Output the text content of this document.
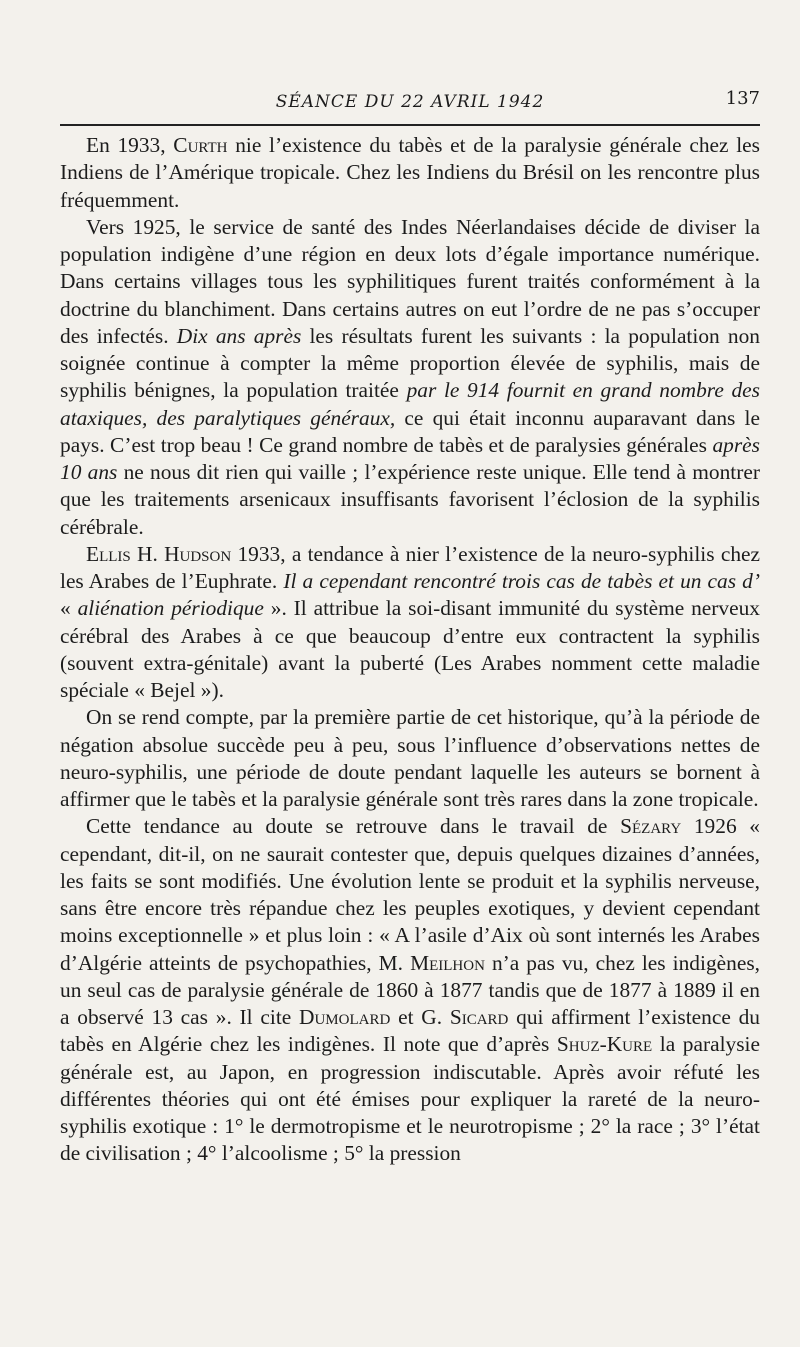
SÉANCE DU 22 AVRIL 1942	137

En 1933, Curth nie l’existence du tabès et de la paralysie générale chez les Indiens de l’Amérique tropicale. Chez les Indiens du Brésil on les rencontre plus fréquemment.

Vers 1925, le service de santé des Indes Néerlandaises décide de diviser la population indigène d’une région en deux lots d’égale importance numérique. Dans certains villages tous les syphilitiques furent traités conformément à la doctrine du blanchiment. Dans certains autres on eut l’ordre de ne pas s’occuper des infectés. Dix ans après les résultats furent les suivants : la population non soignée continue à compter la même proportion élevée de syphilis, mais de syphilis bénignes, la population traitée par le 914 fournit en grand nombre des ataxiques, des paralytiques généraux, ce qui était inconnu auparavant dans le pays. C’est trop beau ! Ce grand nombre de tabès et de paralysies générales après 10 ans ne nous dit rien qui vaille ; l’expérience reste unique. Elle tend à montrer que les traitements arsenicaux insuffisants favorisent l’éclosion de la syphilis cérébrale.

Ellis H. Hudson 1933, a tendance à nier l’existence de la neuro-syphilis chez les Arabes de l’Euphrate. Il a cependant rencontré trois cas de tabès et un cas d’ « aliénation périodique ». Il attribue la soi-disant immunité du système nerveux cérébral des Arabes à ce que beaucoup d’entre eux contractent la syphilis (souvent extra-génitale) avant la puberté (Les Arabes nomment cette maladie spéciale « Bejel »).

On se rend compte, par la première partie de cet historique, qu’à la période de négation absolue succède peu à peu, sous l’influence d’observations nettes de neuro-syphilis, une période de doute pendant laquelle les auteurs se bornent à affirmer que le tabès et la paralysie générale sont très rares dans la zone tropicale.

Cette tendance au doute se retrouve dans le travail de Sézary 1926 « cependant, dit-il, on ne saurait contester que, depuis quelques dizaines d’années, les faits se sont modifiés. Une évolution lente se produit et la syphilis nerveuse, sans être encore très répandue chez les peuples exotiques, y devient cependant moins exceptionnelle » et plus loin : « A l’asile d’Aix où sont internés les Arabes d’Algérie atteints de psychopathies, M. Meilhon n’a pas vu, chez les indigènes, un seul cas de paralysie générale de 1860 à 1877 tandis que de 1877 à 1889 il en a observé 13 cas ». Il cite Dumolard et G. Sicard qui affirment l’existence du tabès en Algérie chez les indigènes. Il note que d’après Shuz-Kure la paralysie générale est, au Japon, en progression indiscutable. Après avoir réfuté les différentes théories qui ont été émises pour expliquer la rareté de la neuro-syphilis exotique : 1° le dermotropisme et le neurotropisme ; 2° la race ; 3° l’état de civilisation ; 4° l’alcoolisme ; 5° la pression
